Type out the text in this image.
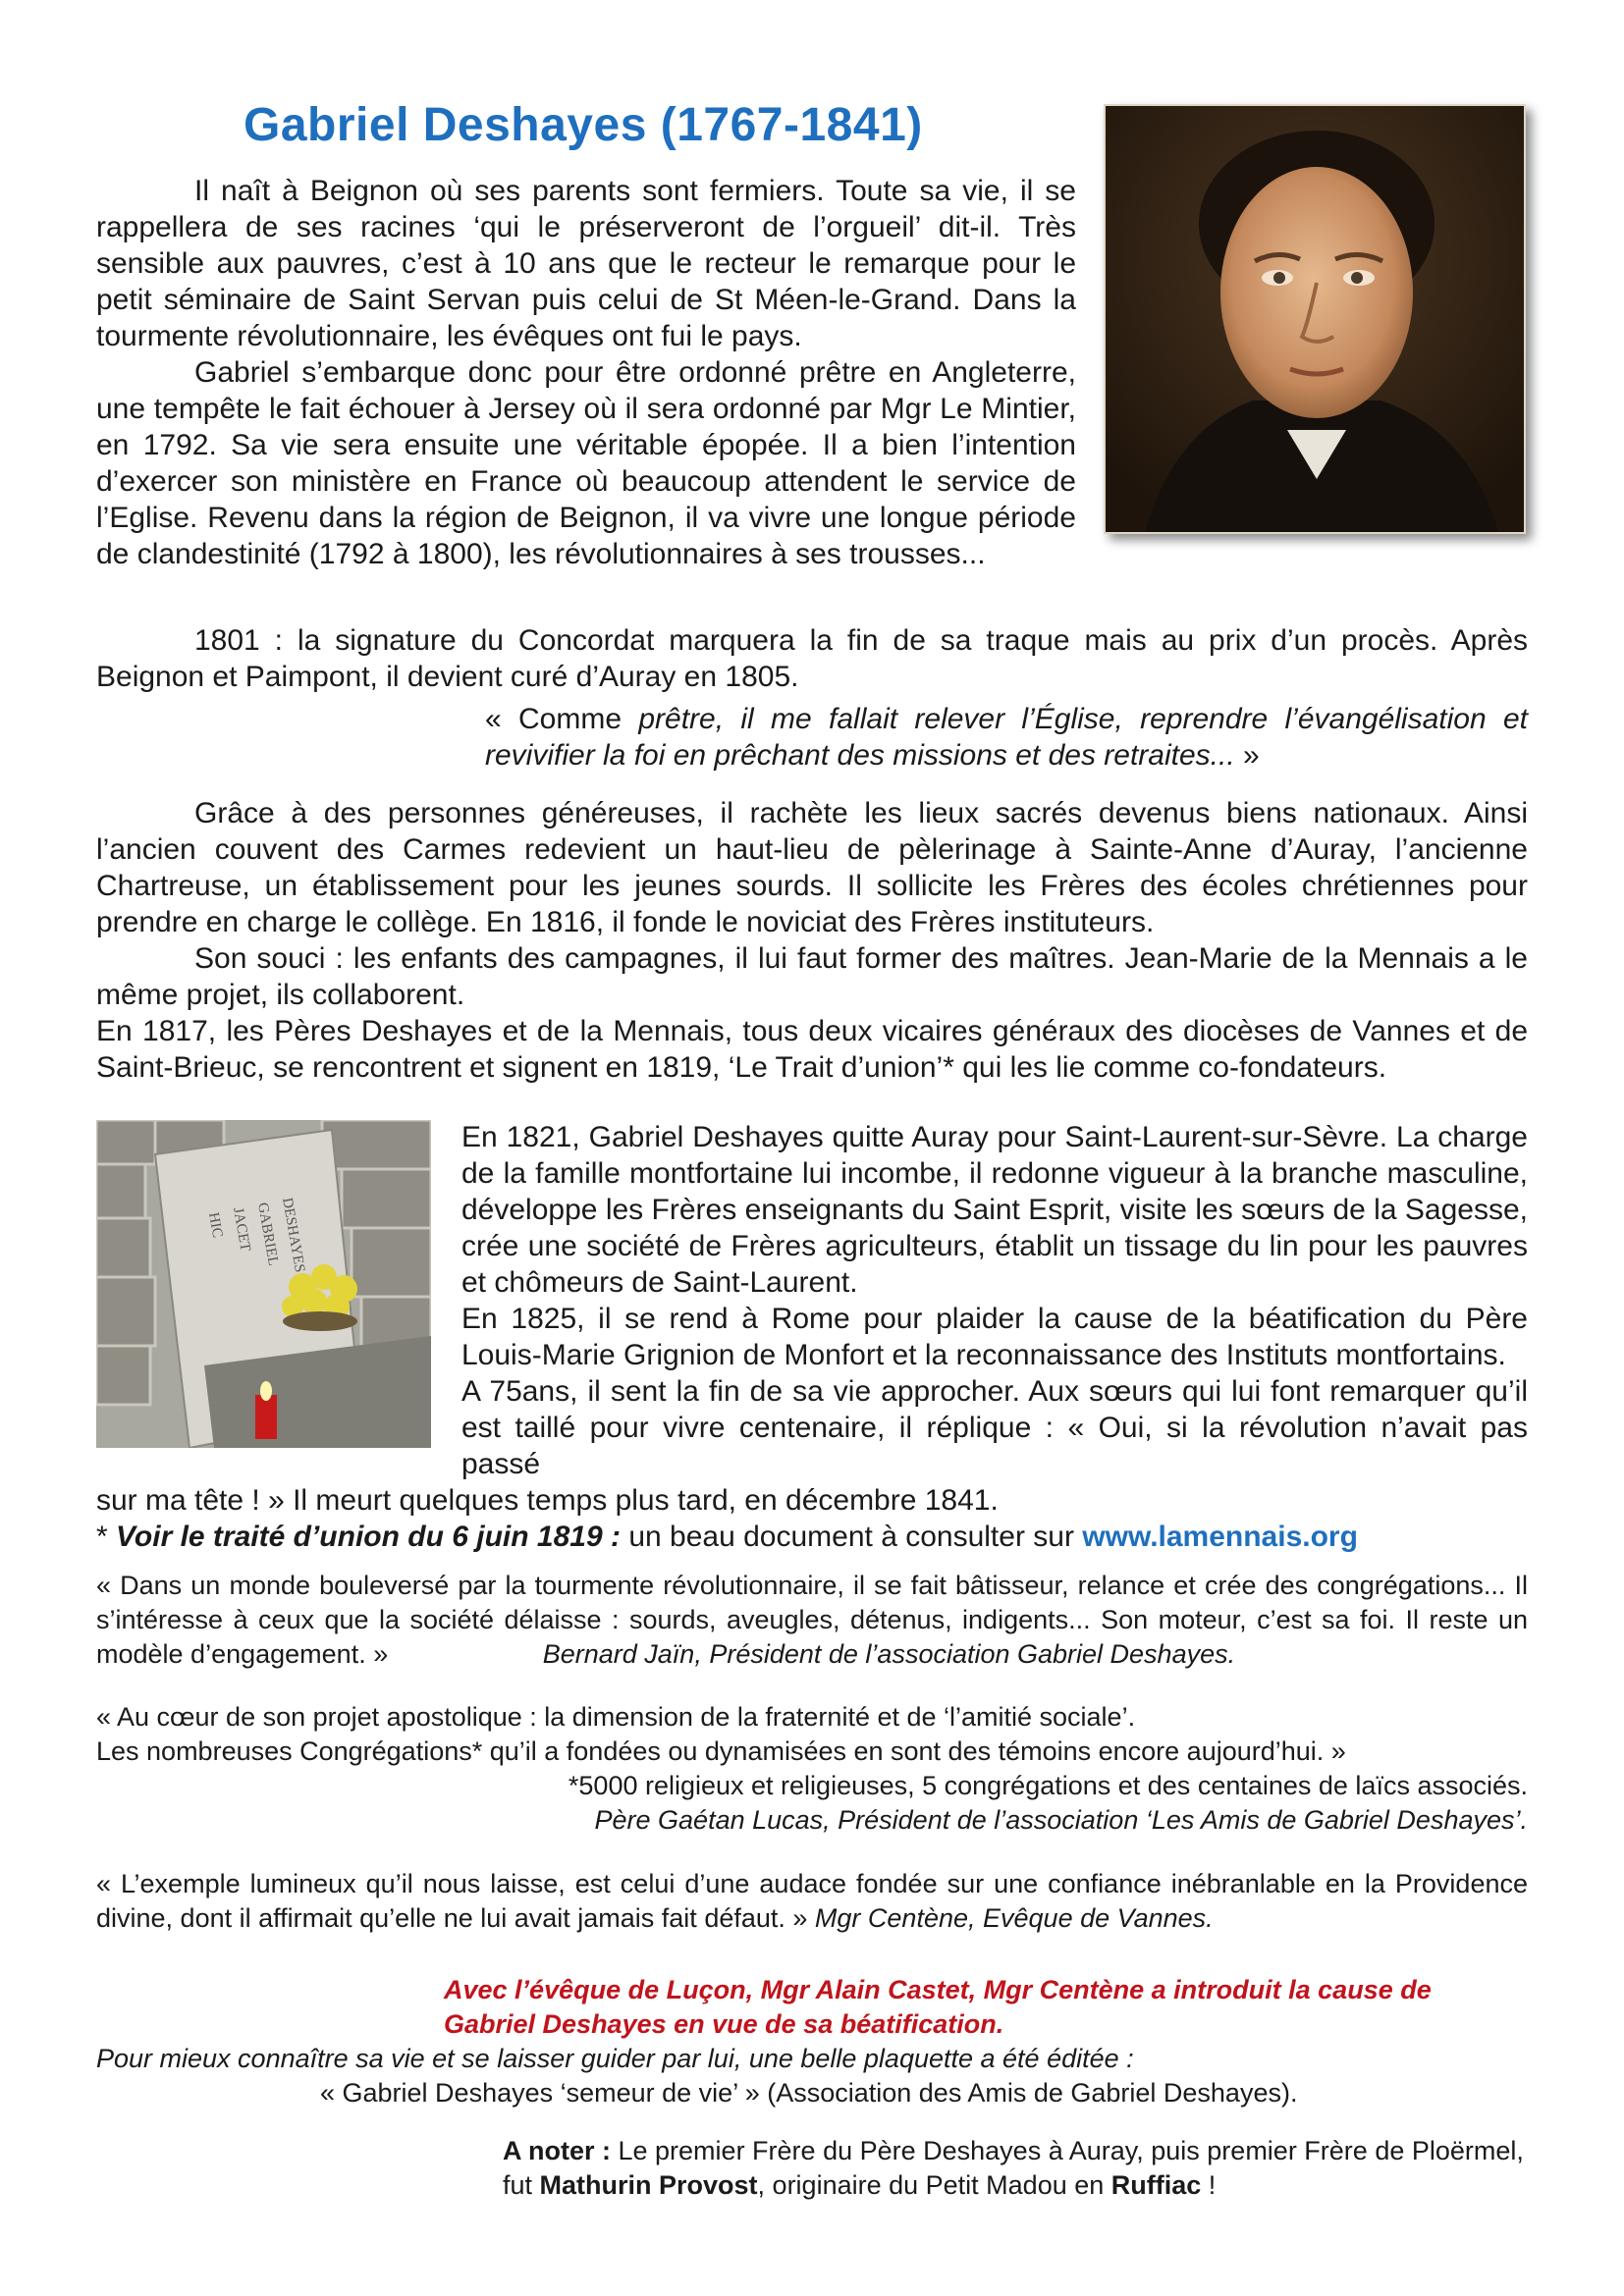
Gabriel Deshayes (1767-1841)

Il naît à Beignon où ses parents sont fermiers. Toute sa vie, il se rappellera de ses racines ‘qui le préserveront de l’orgueil’ dit-il. Très sensible aux pauvres, c’est à 10 ans que le recteur le remarque pour le petit séminaire de Saint Servan puis celui de St Méen-le-Grand. Dans la tourmente révolutionnaire, les évêques ont fui le pays.

Gabriel s’embarque donc pour être ordonné prêtre en Angleterre, une tempête le fait échouer à Jersey où il sera ordonné par Mgr Le Mintier, en 1792. Sa vie sera ensuite une véritable épopée. Il a bien l’intention d’exercer son ministère en France où beaucoup attendent le service de l’Eglise. Revenu dans la région de Beignon, il va vivre une longue période de clandestinité (1792 à 1800), les révolutionnaires à ses trousses...

1801 : la signature du Concordat marquera la fin de sa traque mais au prix d’un procès. Après Beignon et Paimpont, il devient curé d’Auray en 1805.

« Comme prêtre, il me fallait relever l’Église, reprendre l’évangélisation et revivifier la foi en prêchant des missions et des retraites... »

Grâce à des personnes généreuses, il rachète les lieux sacrés devenus biens nationaux. Ainsi l’ancien couvent des Carmes redevient un haut-lieu de pèlerinage à Sainte-Anne d’Auray, l’ancienne Chartreuse, un établissement pour les jeunes sourds. Il sollicite les Frères des écoles chrétiennes pour prendre en charge le collège. En 1816, il fonde le noviciat des Frères instituteurs.

Son souci : les enfants des campagnes, il lui faut former des maîtres. Jean-Marie de la Mennais a le même projet, ils collaborent.

En 1817, les Pères Deshayes et de la Mennais, tous deux vicaires généraux des diocèses de Vannes et de Saint-Brieuc, se rencontrent et signent en 1819, ‘Le Trait d’union’* qui les lie comme co-fondateurs.

HIC JACET GABRIEL
DESHAYES

En 1821, Gabriel Deshayes quitte Auray pour Saint-Laurent-sur-Sèvre. La charge de la famille montfortaine lui incombe, il redonne vigueur à la branche masculine, développe les Frères enseignants du Saint Esprit, visite les sœurs de la Sagesse, crée une société de Frères agriculteurs, établit un tissage du lin pour les pauvres et chômeurs de Saint-Laurent.

En 1825, il se rend à Rome pour plaider la cause de la béatification du Père Louis-Marie Grignion de Monfort et la reconnaissance des Instituts montfortains.

A 75ans, il sent la fin de sa vie approcher. Aux sœurs qui lui font remarquer qu’il est taillé pour vivre centenaire, il réplique : « Oui, si la révolution n’avait pas passé

sur ma tête ! » Il meurt quelques temps plus tard, en décembre 1841.

* Voir le traité d’union du 6 juin 1819 : un beau document à consulter sur www.lamennais.org

« Dans un monde bouleversé par la tourmente révolutionnaire, il se fait bâtisseur, relance et crée des congrégations... Il s’intéresse à ceux que la société délaisse : sourds, aveugles, détenus, indigents... Son moteur, c’est sa foi. Il reste un modèle d’engagement. »	Bernard Jaïn, Président de l’association Gabriel Deshayes.

« Au cœur de son projet apostolique : la dimension de la fraternité et de ‘l’amitié sociale’.

Les nombreuses Congrégations* qu’il a fondées ou dynamisées en sont des témoins encore aujourd’hui. »

*5000 religieux et religieuses, 5 congrégations et des centaines de laïcs associés.

Père Gaétan Lucas, Président de l’association ‘Les Amis de Gabriel Deshayes’.

« L’exemple lumineux qu’il nous laisse, est celui d’une audace fondée sur une confiance inébranlable en la Providence divine, dont il affirmait qu’elle ne lui avait jamais fait défaut. » Mgr Centène, Evêque de Vannes.

Avec l’évêque de Luçon, Mgr Alain Castet, Mgr Centène a introduit la cause de

Gabriel Deshayes en vue de sa béatification.

Pour mieux connaître sa vie et se laisser guider par lui, une belle plaquette a été éditée :

« Gabriel Deshayes ‘semeur de vie’ » (Association des Amis de Gabriel Deshayes).

A noter : Le premier Frère du Père Deshayes à Auray, puis premier Frère de Ploërmel,

fut Mathurin Provost, originaire du Petit Madou en Ruffiac !
